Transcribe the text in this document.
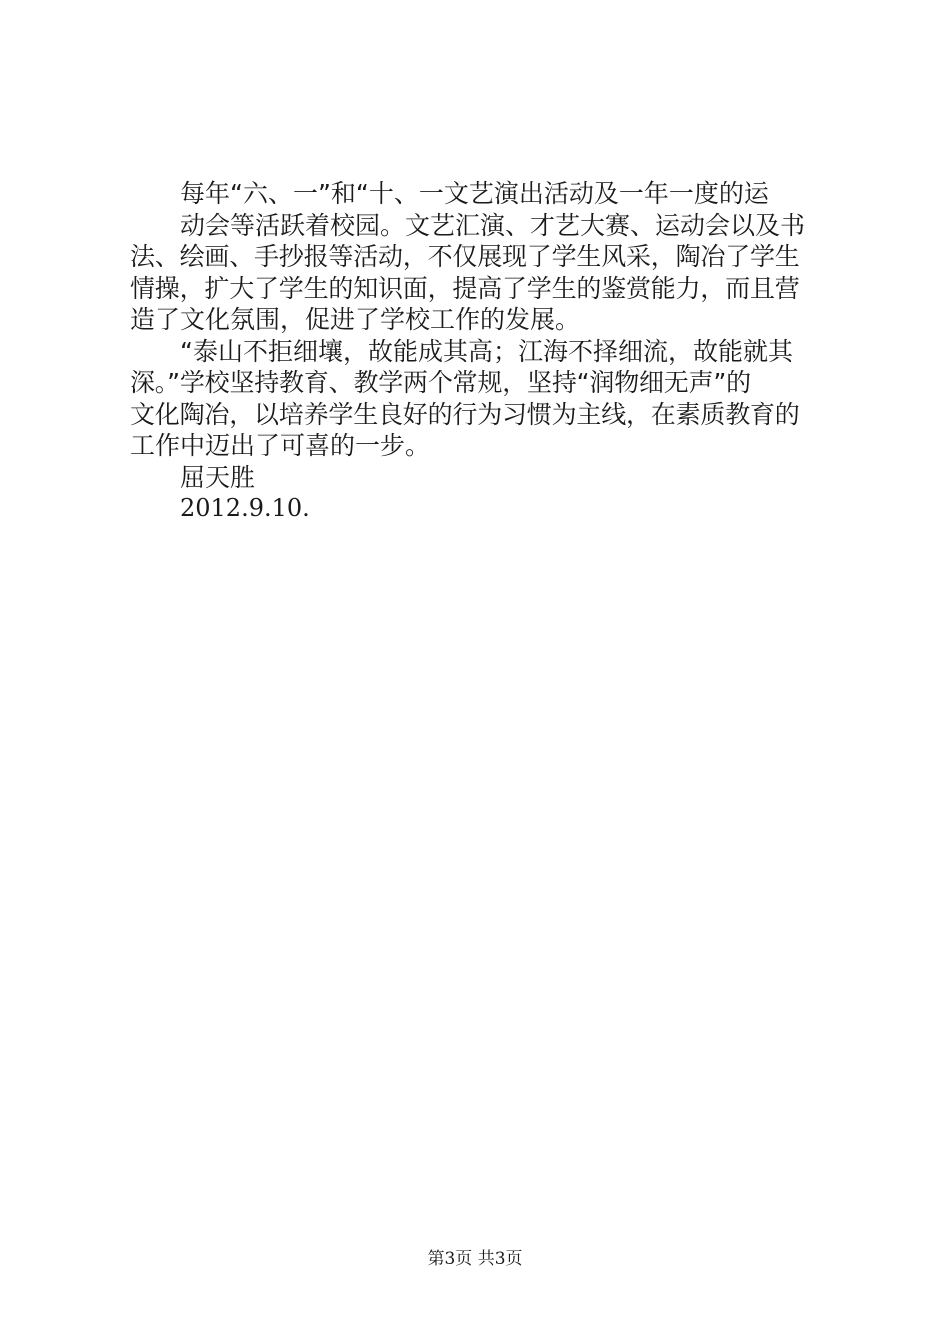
每年“六、一”和“十、一文艺演出活动及一年一度的运
动会等活跃着校园。文艺汇演、才艺大赛、运动会以及书
法、绘画、手抄报等活动，不仅展现了学生风采，陶冶了学生
情操，扩大了学生的知识面，提高了学生的鉴赏能力，而且营
造了文化氛围，促进了学校工作的发展。
“泰山不拒细壤，故能成其高；江海不择细流，故能就其
深。”学校坚持教育、教学两个常规，坚持“润物细无声”的
文化陶冶，以培养学生良好的行为习惯为主线，在素质教育的
工作中迈出了可喜的一步。

屈天胜

2012.9.10.

第3页 共3页
